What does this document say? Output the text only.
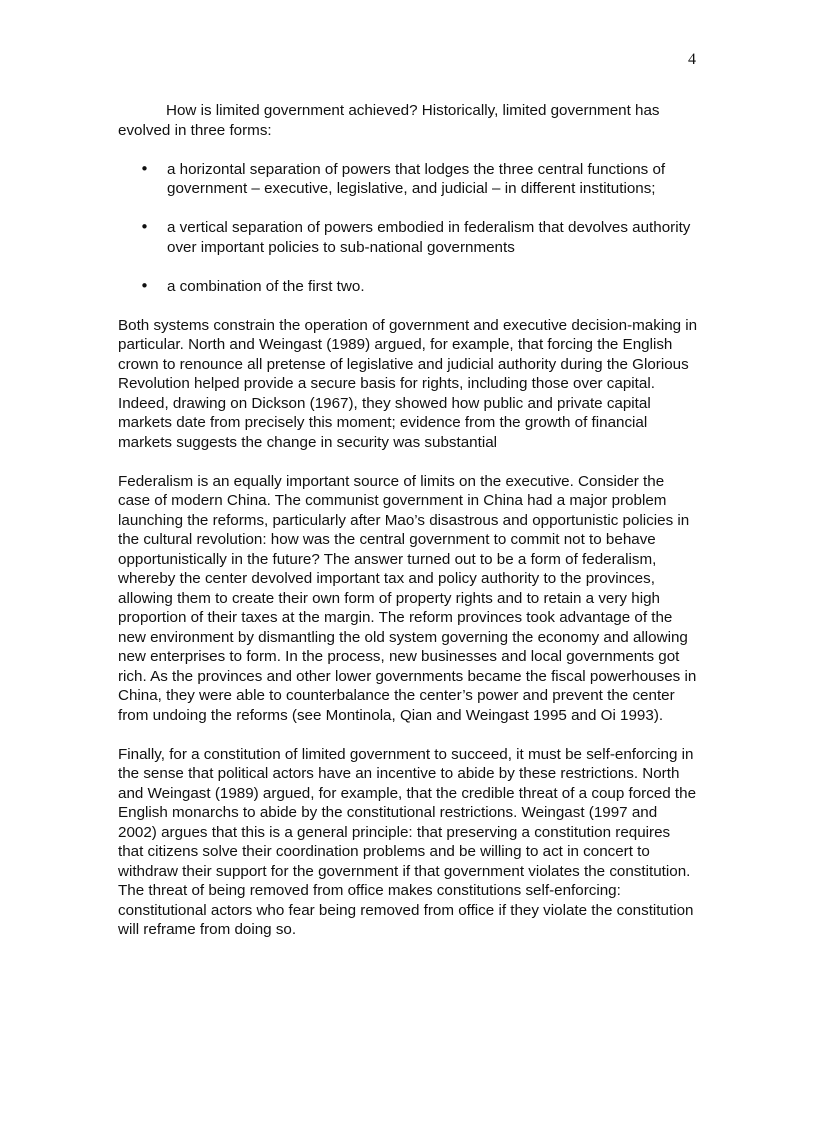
4

How is limited government achieved? Historically, limited government has evolved in three forms:

• a horizontal separation of powers that lodges the three central functions of government – executive, legislative, and judicial – in different institutions;
• a vertical separation of powers embodied in federalism that devolves authority over important policies to sub-national governments
• a combination of the first two.

Both systems constrain the operation of government and executive decision-making in particular. North and Weingast (1989) argued, for example, that forcing the English crown to renounce all pretense of legislative and judicial authority during the Glorious Revolution helped provide a secure basis for rights, including those over capital. Indeed, drawing on Dickson (1967), they showed how public and private capital markets date from precisely this moment; evidence from the growth of financial markets suggests the change in security was substantial

Federalism is an equally important source of limits on the executive. Consider the case of modern China. The communist government in China had a major problem launching the reforms, particularly after Mao’s disastrous and opportunistic policies in the cultural revolution: how was the central government to commit not to behave opportunistically in the future? The answer turned out to be a form of federalism, whereby the center devolved important tax and policy authority to the provinces, allowing them to create their own form of property rights and to retain a very high proportion of their taxes at the margin. The reform provinces took advantage of the new environment by dismantling the old system governing the economy and allowing new enterprises to form. In the process, new businesses and local governments got rich. As the provinces and other lower governments became the fiscal powerhouses in China, they were able to counterbalance the center’s power and prevent the center from undoing the reforms (see Montinola, Qian and Weingast 1995 and Oi 1993).

Finally, for a constitution of limited government to succeed, it must be self-enforcing in the sense that political actors have an incentive to abide by these restrictions. North and Weingast (1989) argued, for example, that the credible threat of a coup forced the English monarchs to abide by the constitutional restrictions. Weingast (1997 and 2002) argues that this is a general principle: that preserving a constitution requires that citizens solve their coordination problems and be willing to act in concert to withdraw their support for the government if that government violates the constitution. The threat of being removed from office makes constitutions self-enforcing: constitutional actors who fear being removed from office if they violate the constitution will reframe from doing so.
